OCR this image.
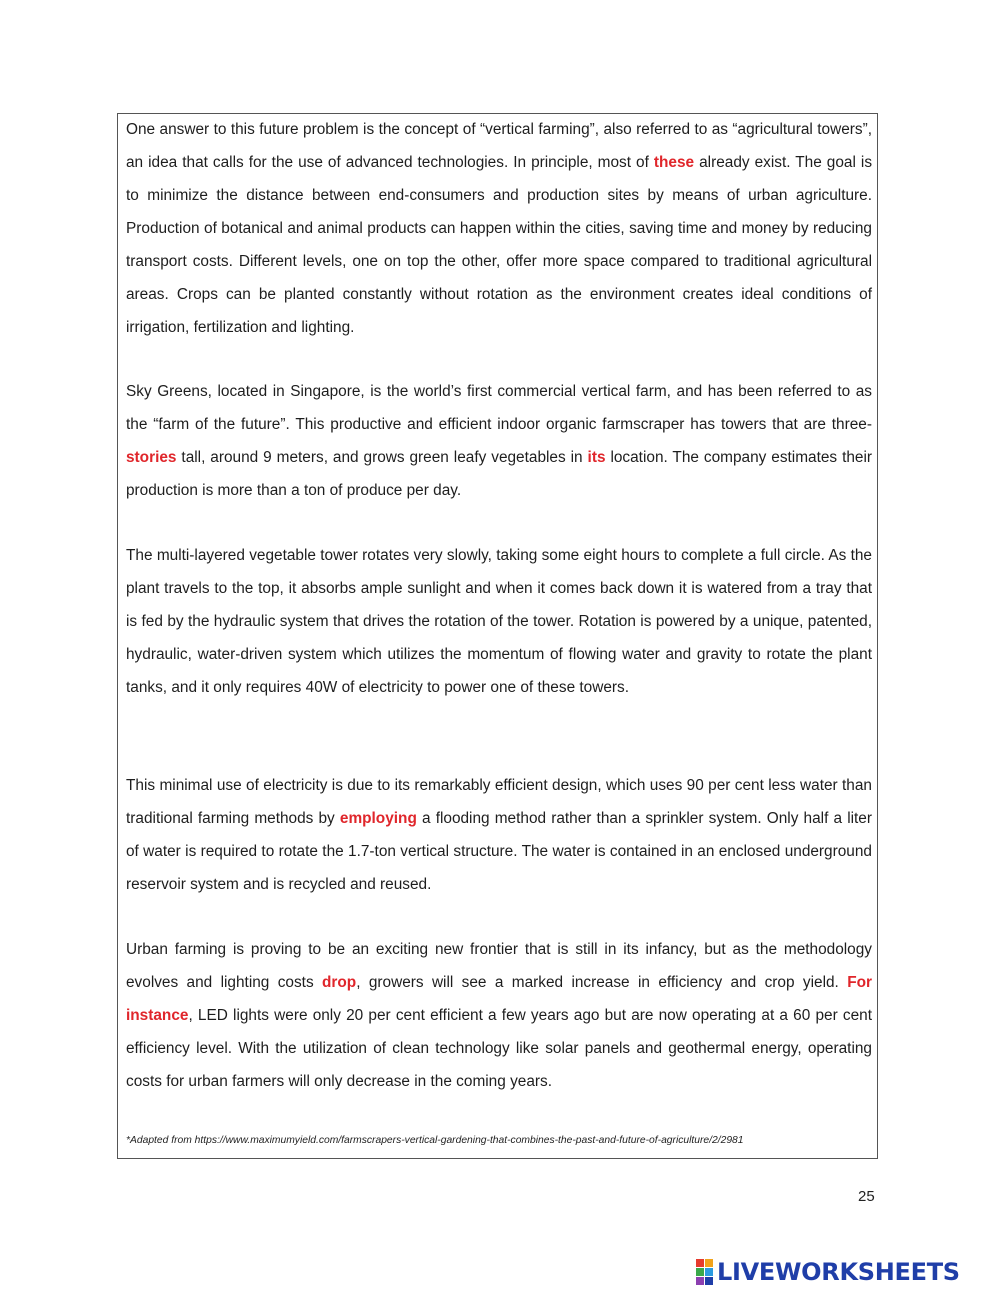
One answer to this future problem is the concept of “vertical farming”, also referred to as “agricultural towers”, an idea that calls for the use of advanced technologies. In principle, most of these already exist. The goal is to minimize the distance between end-consumers and production sites by means of urban agriculture. Production of botanical and animal products can happen within the cities, saving time and money by reducing transport costs. Different levels, one on top the other, offer more space compared to traditional agricultural areas. Crops can be planted constantly without rotation as the environment creates ideal conditions of irrigation, fertilization and lighting.

Sky Greens, located in Singapore, is the world’s first commercial vertical farm, and has been referred to as the “farm of the future”. This productive and efficient indoor organic farmscraper has towers that are three-stories tall, around 9 meters, and grows green leafy vegetables in its location. The company estimates their production is more than a ton of produce per day.

The multi-layered vegetable tower rotates very slowly, taking some eight hours to complete a full circle. As the plant travels to the top, it absorbs ample sunlight and when it comes back down it is watered from a tray that is fed by the hydraulic system that drives the rotation of the tower. Rotation is powered by a unique, patented, hydraulic, water-driven system which utilizes the momentum of flowing water and gravity to rotate the plant tanks, and it only requires 40W of electricity to power one of these towers.

This minimal use of electricity is due to its remarkably efficient design, which uses 90 per cent less water than traditional farming methods by employing a flooding method rather than a sprinkler system. Only half a liter of water is required to rotate the 1.7-ton vertical structure. The water is contained in an enclosed underground reservoir system and is recycled and reused.

Urban farming is proving to be an exciting new frontier that is still in its infancy, but as the methodology evolves and lighting costs drop, growers will see a marked increase in efficiency and crop yield. For instance, LED lights were only 20 per cent efficient a few years ago but are now operating at a 60 per cent efficiency level. With the utilization of clean technology like solar panels and geothermal energy, operating costs for urban farmers will only decrease in the coming years.

*Adapted from https://www.maximumyield.com/farmscrapers-vertical-gardening-that-combines-the-past-and-future-of-agriculture/2/2981
25
LIVEWORKSHEETS
